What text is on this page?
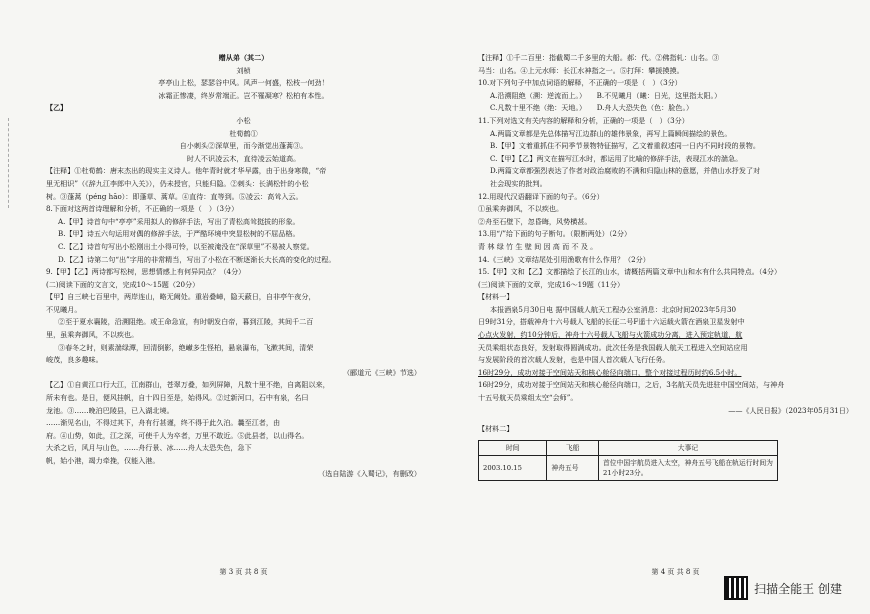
赠从弟（其二）
刘桢
亭亭山上松，瑟瑟谷中风。风声一何盛，松枝一何劲！
冰霜正惨凄，终岁常端正。岂不罹凝寒？松柏有本性。
【乙】
小松
杜荀鹤①
自小刺头②深草里，而今渐觉出蓬蒿③。
时人不识凌云木，直待凌云始道高。
【注释】①杜荀鹤：唐末杰出的现实主义诗人。他年青时就才华早露，由于出身寒微，“帝
里无相识”（《辞九江李郎中入关》），仍未授官，只能归隐。②刺头：长满松针的小松
树。③蓬蒿（péng hāo）：即蓬草、蒿草。④直待：直等到。⑤凌云：高耸入云。
8.下面对这两首诗理解和分析，不正确的一项是（　）（3分）
A.【甲】诗首句中“亭亭”采用拟人的修辞手法，写出了青松高耸挺拔的形象。
B.【甲】诗五六句运用对偶的修辞手法，于严酷环境中突显松树的不屈品格。
C.【乙】诗首句写出小松刚出土小得可怜，以至被淹没在“深草里”不易被人察觉。
D.【乙】诗第二句“出”字用的非常精当，写出了小松在不断逐渐长大长高的变化的过程。
9.【甲】【乙】两诗都写松树，思想情感上有何异同点？（4分）
(二)阅读下面的文言文，完成10～15题（20分）
【甲】自三峡七百里中，两岸连山，略无阙处。重岩叠嶂，隐天蔽日，自非亭午夜分，
不见曦月。
②至于夏水襄陵，沿溯阻绝。或王命急宣，有时朝发白帝，暮到江陵，其间千二百
里，虽乘奔御风，不以疾也。
③春冬之时，则素湍绿潭，回清倒影，绝𪩘多生怪柏，悬泉瀑布，飞漱其间，清荣
峻茂，良多趣味。
（郦道元《三峡》节选）
【乙】①自黄江口行大江，江南群山，苍翠万叠，如列屏障，凡数十里不绝，自离阻以来，
所未有也。是日，便风挂帆，自十四日至是，始得风。②过新河口，石中有泉，名曰
龙池。③……晚泊巴陵县，已入湖北境。
……渐见名山，不得过其下，舟有行甚谨，终不得于此久泊。曩至江者，由
府。④山势，如此，江之深，可使千人为卒者，万里不敢近。⑤此县者，以山得名。
大杀之后，风月与山色，……舟行景、冰……舟人太恐失色，急下
帆，始小港，竭力牵挽，仅能入港。
（选自陆游《入蜀记》，有删改）
第 3 页 共 8 页
【注释】①千二百里：指截蜀二千多里的大船。郝：代。②佛指轧：山名。③
马当：山名。④上元水师：长江水神指之一。⑤打拜：攀援摸摸。
10.对下列句子中加点词语的解释，不正确的一项是（　）（3分）
A.沿溯阻绝（溯：逆流而上。）　　B.不见曦月（曦：日光，这里指太阳。）
C.凡数十里不绝（绝：天地。）　　D.舟人大恐失色（色：脸色。）
11.下列对选文有关内容的解释和分析，正确的一项是（　）（3分）
A.两篇文章都是先总体描写江边群山的雄伟景象，再写上篇瞬间描绘的景色。
B.【甲】文着重抓住不同季节景物特征描写，乙文着重叙述同一日内不同时段的景物。
C.【甲】【乙】两文在描写江水时，都运用了比喻的修辞手法，表现江水的湍急。
D.两篇文章都强烈表达了作者对政治腐败的不满和归隐山林的意愿，并借山水抒发了对
社会现实的批判。
12.用现代汉语翻译下面的句子。（6分）
①虽乘奔御风，不以疾也。
②舟至石壁下，忽昏晦，风势横甚。
13.用“/”给下面的句子断句。（限断两处）（2分）
青 林 绿 竹 生 壁 间 因 高 而 不 及 。
14.《三峡》文章结尾处引用渔歌有什么作用？（2分）
15.【甲】文和【乙】文都描绘了长江的山水，请概括两篇文章中山和水有什么共同特点。（4分）
(三)阅读下面的文章，完成16～19题（11分）
【材料一】
本报酒泉5月30日电 据中国载人航天工程办公室消息：北京时间2023年5月30
日9时31分，搭载神舟十六号载人飞船的长征二号F遥十六运载火箭在酒泉卫星发射中
心点火发射，约10分钟后，神舟十六号载人飞船与火箭成功分离，进入预定轨道，航
天员乘组状态良好，发射取得圆满成功。此次任务是我国载人航天工程进入空间站应用
与发展阶段的首次载人发射，也是中国人首次载人飞行任务。
16时29分，成功对接于空间站天和核心舱径向端口，整个对接过程历时约6.5小时。
16时29分，成功对接于空间站天和核心舱径向端口，之后，3名航天员先进驻中国空间站，与神舟
十五号航天员乘组太空“会师”。
——《人民日报》（2023年05月31日）
【材料二】
时间	飞船	大事记
2003.10.15	神舟五号	首位中国宇航员进入太空，神舟五号飞船在轨运行时间为21小时23分。
第 4 页 共 8 页
扫描全能王 创建
